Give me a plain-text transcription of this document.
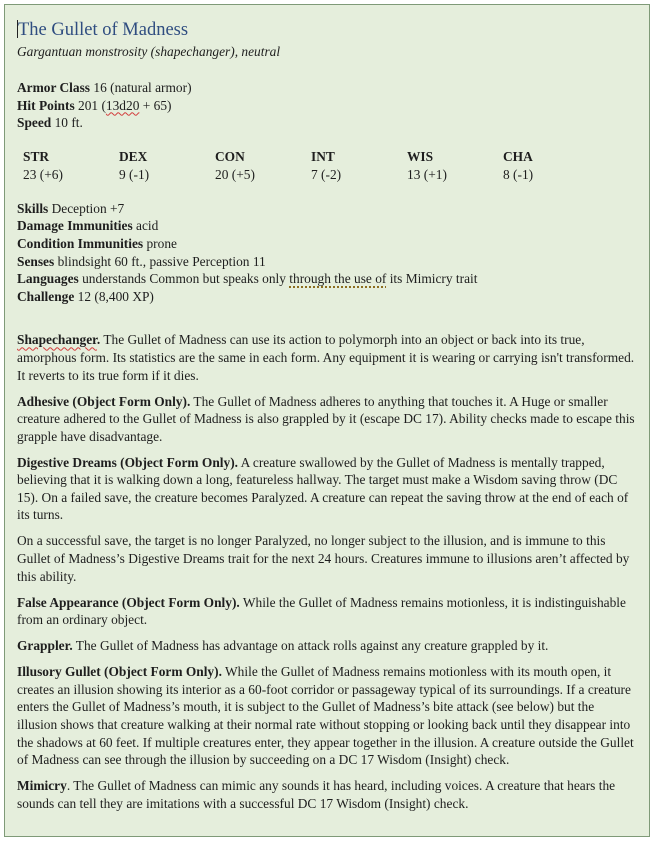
The Gullet of Madness
Gargantuan monstrosity (shapechanger), neutral
Armor Class 16 (natural armor)
Hit Points 201 (13d20 + 65)
Speed 10 ft.
STR
23 (+6)
DEX
9 (-1)
CON
20 (+5)
INT
7 (-2)
WIS
13 (+1)
CHA
8 (-1)
Skills Deception +7
Damage Immunities acid
Condition Immunities prone
Senses blindsight 60 ft., passive Perception 11
Languages understands Common but speaks only through the use of its Mimicry trait
Challenge 12 (8,400 XP)
Shapechanger. The Gullet of Madness can use its action to polymorph into an object or back into its true, amorphous form. Its statistics are the same in each form. Any equipment it is wearing or carrying isn't transformed. It reverts to its true form if it dies.
Adhesive (Object Form Only). The Gullet of Madness adheres to anything that touches it. A Huge or smaller creature adhered to the Gullet of Madness is also grappled by it (escape DC 17). Ability checks made to escape this grapple have disadvantage.
Digestive Dreams (Object Form Only). A creature swallowed by the Gullet of Madness is mentally trapped, believing that it is walking down a long, featureless hallway. The target must make a Wisdom saving throw (DC 15). On a failed save, the creature becomes Paralyzed. A creature can repeat the saving throw at the end of each of its turns.
On a successful save, the target is no longer Paralyzed, no longer subject to the illusion, and is immune to this Gullet of Madness’s Digestive Dreams trait for the next 24 hours. Creatures immune to illusions aren’t affected by this ability.
False Appearance (Object Form Only). While the Gullet of Madness remains motionless, it is indistinguishable from an ordinary object.
Grappler. The Gullet of Madness has advantage on attack rolls against any creature grappled by it.
Illusory Gullet (Object Form Only). While the Gullet of Madness remains motionless with its mouth open, it creates an illusion showing its interior as a 60-foot corridor or passageway typical of its surroundings. If a creature enters the Gullet of Madness’s mouth, it is subject to the Gullet of Madness’s bite attack (see below) but the illusion shows that creature walking at their normal rate without stopping or looking back until they disappear into the shadows at 60 feet. If multiple creatures enter, they appear together in the illusion. A creature outside the Gullet of Madness can see through the illusion by succeeding on a DC 17 Wisdom (Insight) check.
Mimicry. The Gullet of Madness can mimic any sounds it has heard, including voices. A creature that hears the sounds can tell they are imitations with a successful DC 17 Wisdom (Insight) check.
